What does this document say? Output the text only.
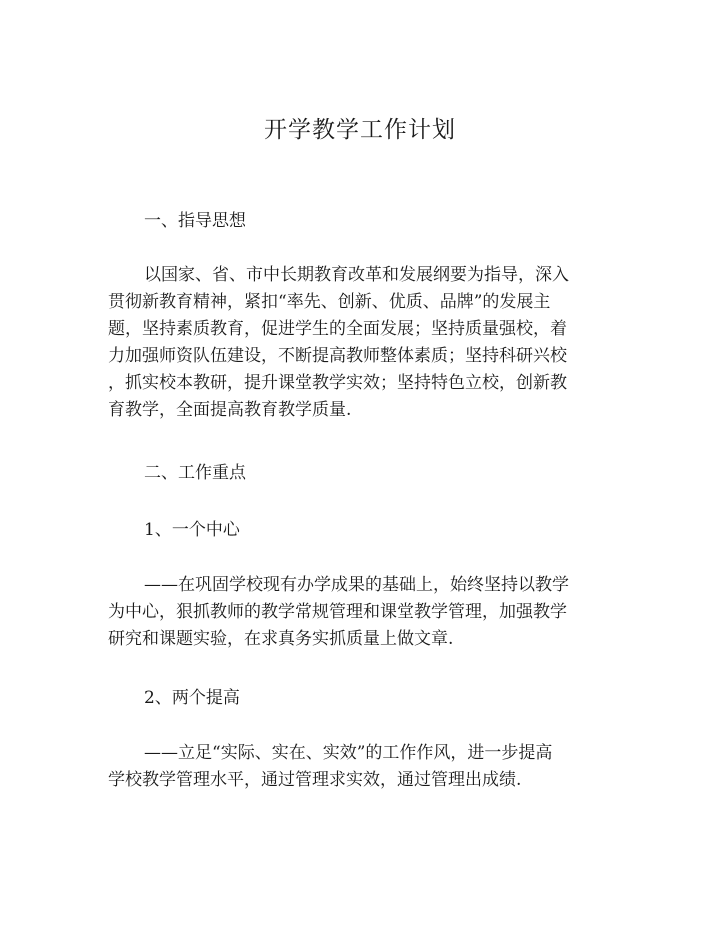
开学教学工作计划
一、指导思想
以国家、省、市中长期教育改革和发展纲要为指导，深入
贯彻新教育精神，紧扣“率先、创新、优质、品牌”的发展主
题，坚持素质教育，促进学生的全面发展；坚持质量强校，着
力加强师资队伍建设，不断提高教师整体素质；坚持科研兴校
，抓实校本教研，提升课堂教学实效；坚持特色立校，创新教
育教学，全面提高教育教学质量.
二、工作重点
1、一个中心
——在巩固学校现有办学成果的基础上，始终坚持以教学
为中心，狠抓教师的教学常规管理和课堂教学管理，加强教学
研究和课题实验，在求真务实抓质量上做文章.
2、两个提高
——立足“实际、实在、实效”的工作作风，进一步提高
学校教学管理水平，通过管理求实效，通过管理出成绩.
